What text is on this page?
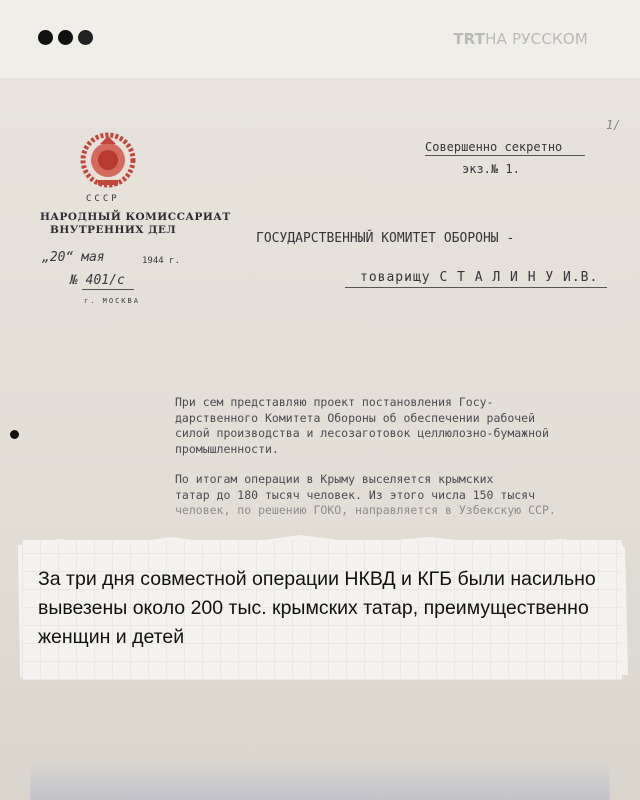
TRTНА РУССКОМ
СССР
НАРОДНЫЙ КОМИССАРИАТ
ВНУТРЕННИХ ДЕЛ
„20“ мая	1944 г.
№ 401/с
г. МОСКВА
1/
Совершенно секретно
экз.№ 1.
ГОСУДАРСТВЕННЫЙ КОМИТЕТ ОБОРОНЫ -
товарищу С Т А Л И Н У И.В.
При сем представляю проект постановления Госу-
дарственного Комитета Обороны об обеспечении рабочей
силой производства и лесозаготовок целлюлозно-бумажной
промышленности.
По итогам операции в Крыму выселяется крымских
татар до 180 тысяч человек. Из этого числа 150 тысяч
человек, по решению ГОКО, направляется в Узбекскую ССР.
За три дня совместной операции НКВД и КГБ были насильно вывезены около 200 тыс. крымских татар, преимущественно женщин и детей
